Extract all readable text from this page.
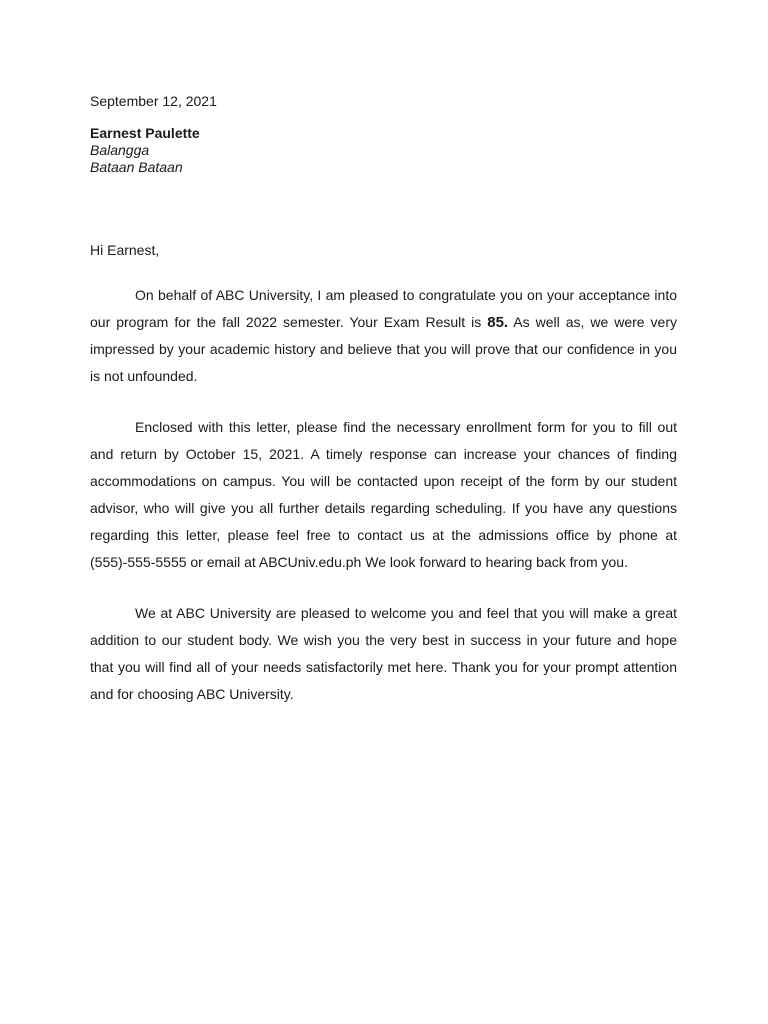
September 12, 2021

Earnest Paulette
Balangga
Bataan Bataan
Hi Earnest,

On behalf of ABC University, I am pleased to congratulate you on your acceptance into our program for the fall 2022 semester. Your Exam Result is 85. As well as, we were very impressed by your academic history and believe that you will prove that our confidence in you is not unfounded.

Enclosed with this letter, please find the necessary enrollment form for you to fill out and return by October 15, 2021. A timely response can increase your chances of finding accommodations on campus. You will be contacted upon receipt of the form by our student advisor, who will give you all further details regarding scheduling. If you have any questions regarding this letter, please feel free to contact us at the admissions office by phone at (555)-555-5555 or email at ABCUniv.edu.ph We look forward to hearing back from you.

We at ABC University are pleased to welcome you and feel that you will make a great addition to our student body. We wish you the very best in success in your future and hope that you will find all of your needs satisfactorily met here. Thank you for your prompt attention and for choosing ABC University.
